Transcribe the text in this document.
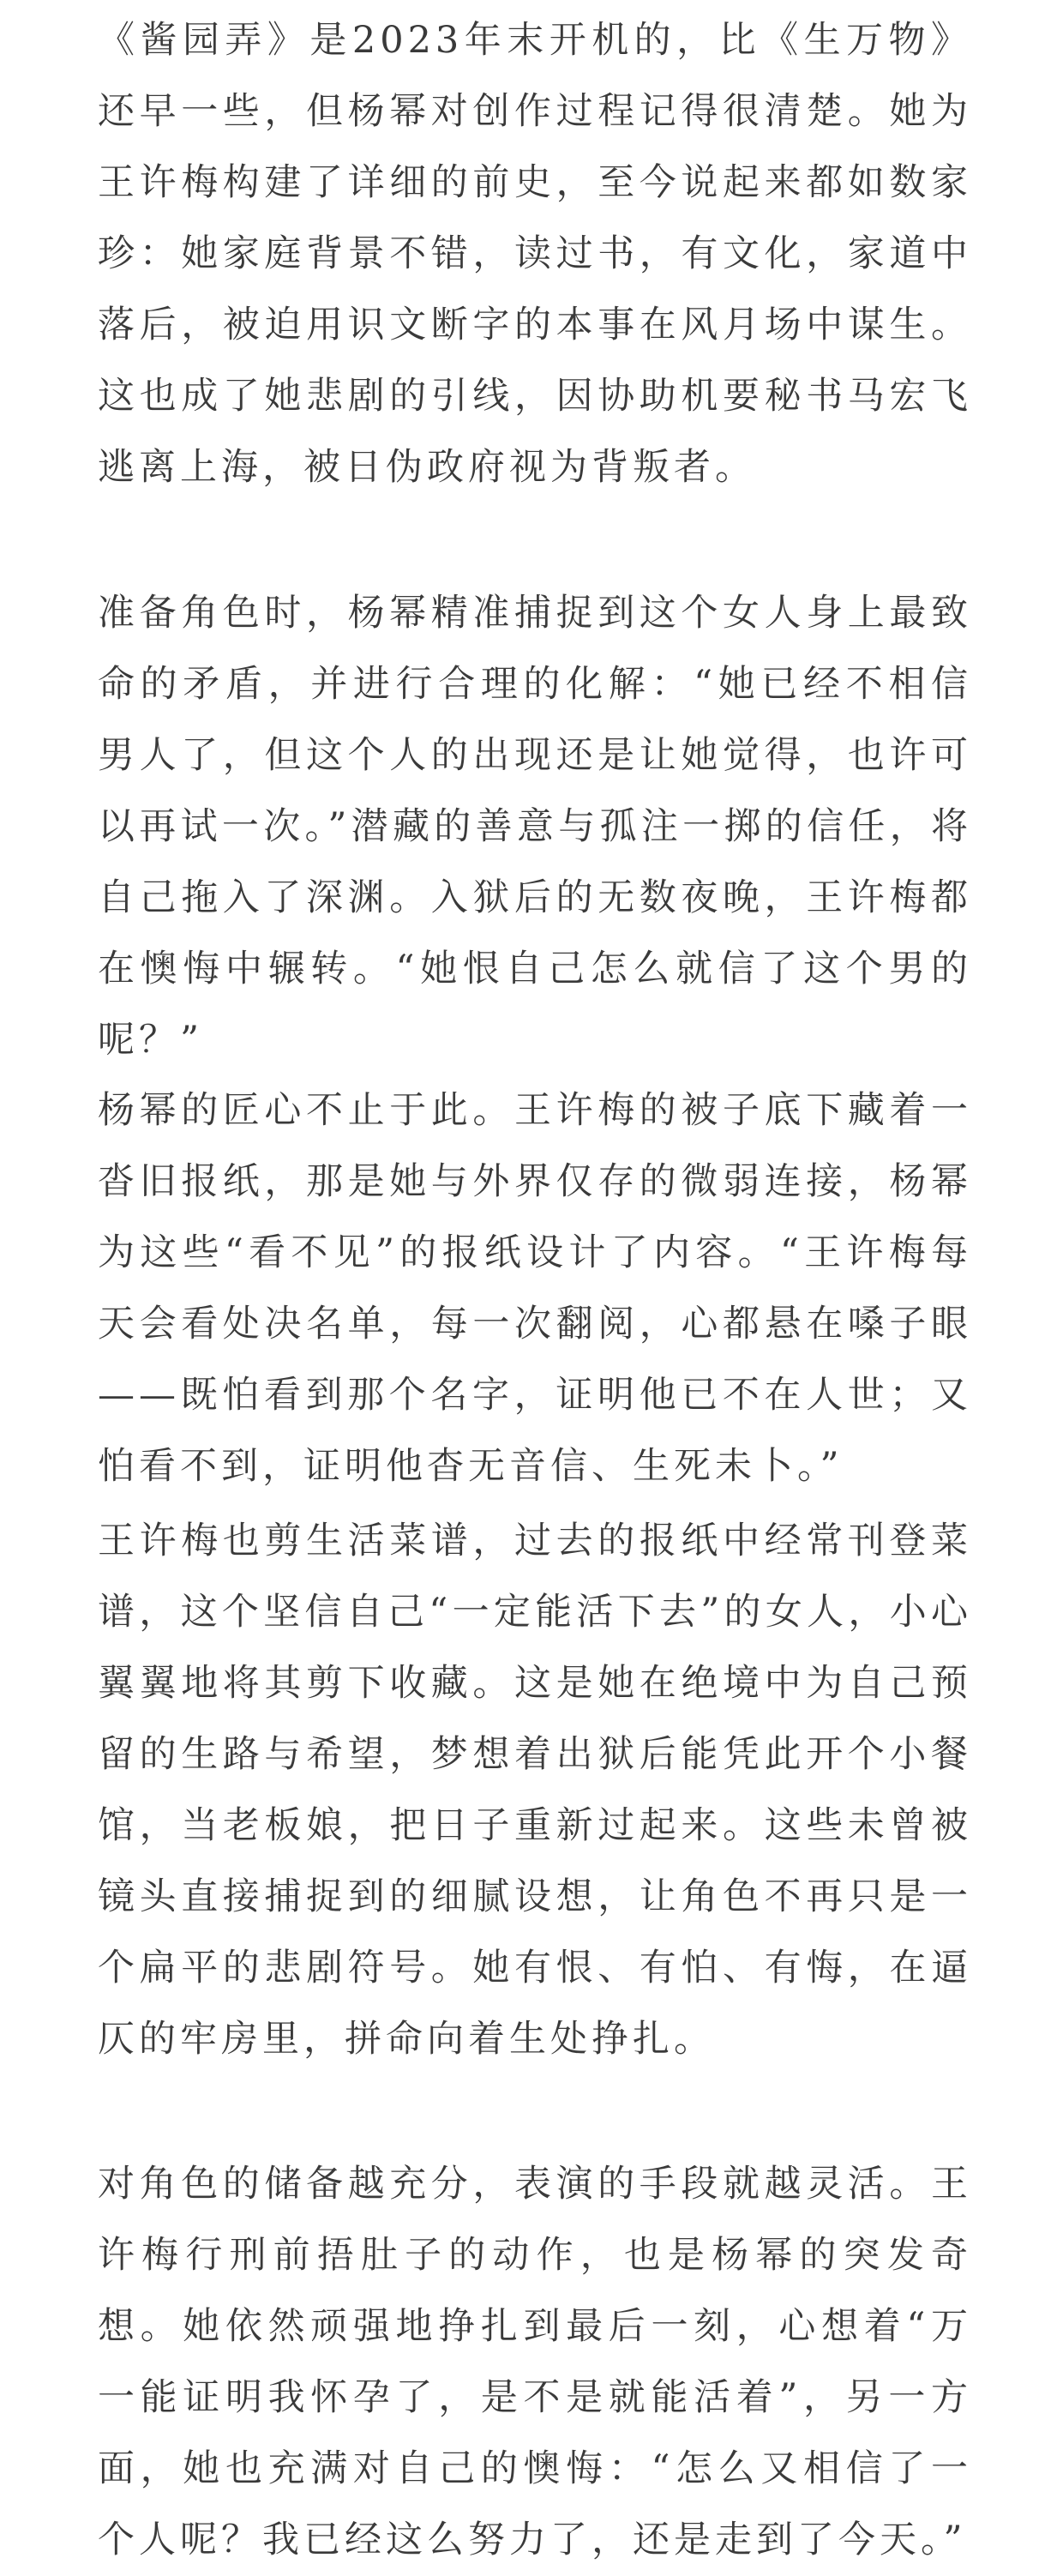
《酱园弄》是2023年末开机的，比《生万物》还早一些，但杨幂对创作过程记得很清楚。她为王许梅构建了详细的前史，至今说起来都如数家珍：她家庭背景不错，读过书，有文化，家道中落后，被迫用识文断字的本事在风月场中谋生。这也成了她悲剧的引线，因协助机要秘书马宏飞逃离上海，被日伪政府视为背叛者。

准备角色时，杨幂精准捕捉到这个女人身上最致命的矛盾，并进行合理的化解：“她已经不相信男人了，但这个人的出现还是让她觉得，也许可以再试一次。”潜藏的善意与孤注一掷的信任，将自己拖入了深渊。入狱后的无数夜晚，王许梅都在懊悔中辗转。“她恨自己怎么就信了这个男的呢？”

杨幂的匠心不止于此。王许梅的被子底下藏着一沓旧报纸，那是她与外界仅存的微弱连接，杨幂为这些“看不见”的报纸设计了内容。“王许梅每天会看处决名单，每一次翻阅，心都悬在嗓子眼——既怕看到那个名字，证明他已不在人世；又怕看不到，证明他杳无音信、生死未卜。”

王许梅也剪生活菜谱，过去的报纸中经常刊登菜谱，这个坚信自己“一定能活下去”的女人，小心翼翼地将其剪下收藏。这是她在绝境中为自己预留的生路与希望，梦想着出狱后能凭此开个小餐馆，当老板娘，把日子重新过起来。这些未曾被镜头直接捕捉到的细腻设想，让角色不再只是一个扁平的悲剧符号。她有恨、有怕、有悔，在逼仄的牢房里，拼命向着生处挣扎。

对角色的储备越充分，表演的手段就越灵活。王许梅行刑前捂肚子的动作，也是杨幂的突发奇想。她依然顽强地挣扎到最后一刻，心想着“万一能证明我怀孕了，是不是就能活着”，另一方面，她也充满对自己的懊悔：“怎么又相信了一个人呢？我已经这么努力了，还是走到了今天。”
